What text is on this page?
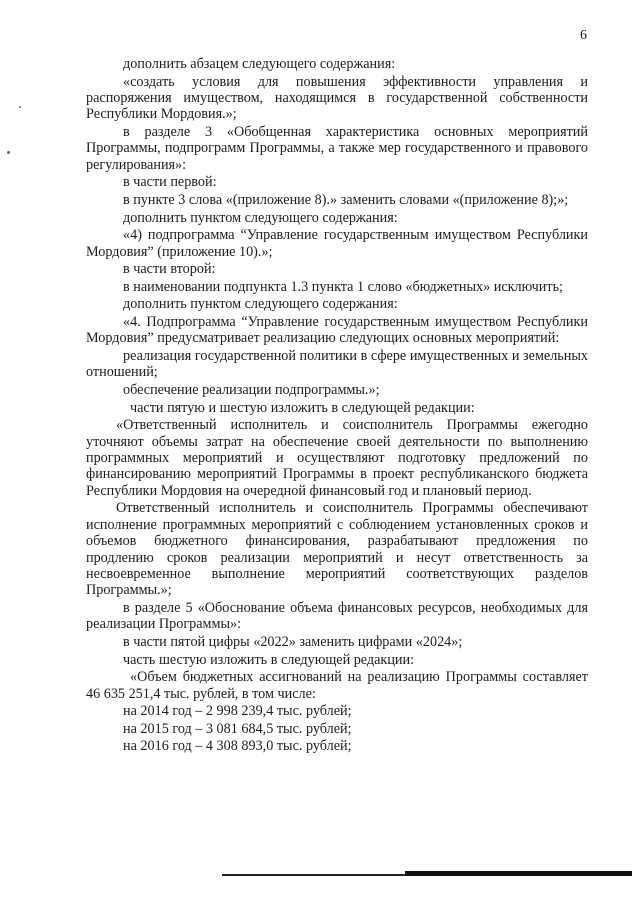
6

дополнить абзацем следующего содержания:

«создать условия для повышения эффективности управления и распоряжения имуществом, находящимся в государственной собственности Республики Мордовия.»;

в разделе 3 «Обобщенная характеристика основных мероприятий Программы, подпрограмм Программы, а также мер государственного и правового регулирования»:

в части первой:

в пункте 3 слова «(приложение 8).» заменить словами «(приложение 8);»;

дополнить пунктом следующего содержания:

«4) подпрограмма “Управление государственным имуществом Республики Мордовия” (приложение 10).»;

в части второй:

в наименовании подпункта 1.3 пункта 1 слово «бюджетных» исключить;

дополнить пунктом следующего содержания:

«4. Подпрограмма “Управление государственным имуществом Республики Мордовия” предусматривает реализацию следующих основных мероприятий:

реализация государственной политики в сфере имущественных и земельных отношений;

обеспечение реализации подпрограммы.»;

части пятую и шестую изложить в следующей редакции:

«Ответственный исполнитель и соисполнитель Программы ежегодно уточняют объемы затрат на обеспечение своей деятельности по выполнению программных мероприятий и осуществляют подготовку предложений по финансированию мероприятий Программы в проект республиканского бюджета Республики Мордовия на очередной финансовый год и плановый период.

Ответственный исполнитель и соисполнитель Программы обеспечивают исполнение программных мероприятий с соблюдением установленных сроков и объемов бюджетного финансирования, разрабатывают предложения по продлению сроков реализации мероприятий и несут ответственность за несвоевременное выполнение мероприятий соответствующих разделов Программы.»;

в разделе 5 «Обоснование объема финансовых ресурсов, необходимых для реализации Программы»:

в части пятой цифры «2022» заменить цифрами «2024»;

часть шестую изложить в следующей редакции:

«Объем бюджетных ассигнований на реализацию Программы составляет 46 635 251,4 тыс. рублей, в том числе:

на 2014 год – 2 998 239,4 тыс. рублей;

на 2015 год – 3 081 684,5 тыс. рублей;

на 2016 год – 4 308 893,0 тыс. рублей;
